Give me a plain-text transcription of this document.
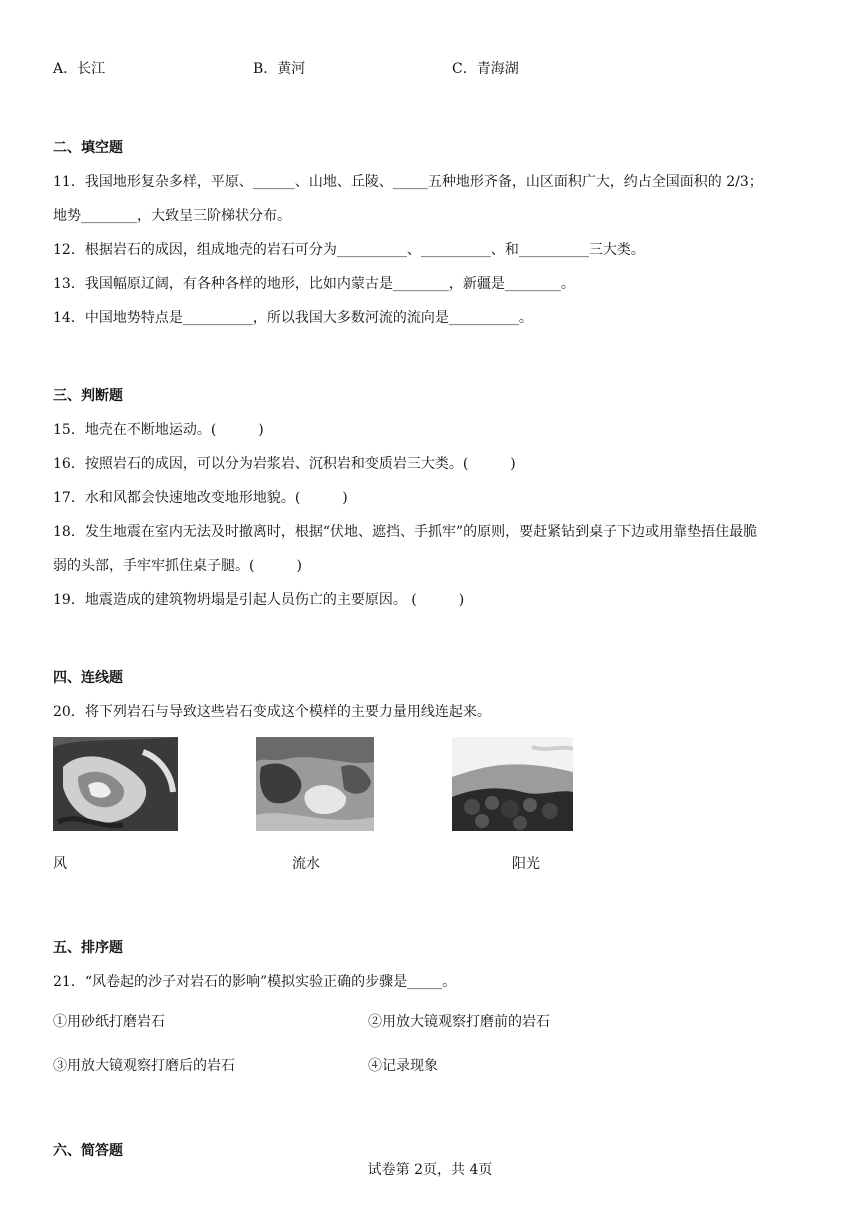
A．长江	B．黄河	C．青海湖
二、填空题
11．我国地形复杂多样，平原、______、山地、丘陵、_____五种地形齐备，山区面积广大，约占全国面积的 2/3；
地势________，大致呈三阶梯状分布。
12．根据岩石的成因，组成地壳的岩石可分为__________、__________、和__________三大类。
13．我国幅原辽阔，有各种各样的地形，比如内蒙古是________，新疆是________。
14．中国地势特点是__________，所以我国大多数河流的流向是__________。
三、判断题
15．地壳在不断地运动。(　　　)
16．按照岩石的成因，可以分为岩浆岩、沉积岩和变质岩三大类。(　　　)
17．水和风都会快速地改变地形地貌。(　　　)
18．发生地震在室内无法及时撤离时，根据“伏地、遮挡、手抓牢”的原则，要赶紧钻到桌子下边或用靠垫捂住最脆
弱的头部，手牢牢抓住桌子腿。(　　　)
19．地震造成的建筑物坍塌是引起人员伤亡的主要原因。 (　　　)
四、连线题
20．将下列岩石与导致这些岩石变成这个模样的主要力量用线连起来。
风	流水	阳光
五、排序题
21．“风卷起的沙子对岩石的影响”模拟实验正确的步骤是_____。
①用砂纸打磨岩石	②用放大镜观察打磨前的岩石
③用放大镜观察打磨后的岩石	④记录现象
六、简答题
试卷第 2页，共 4页
